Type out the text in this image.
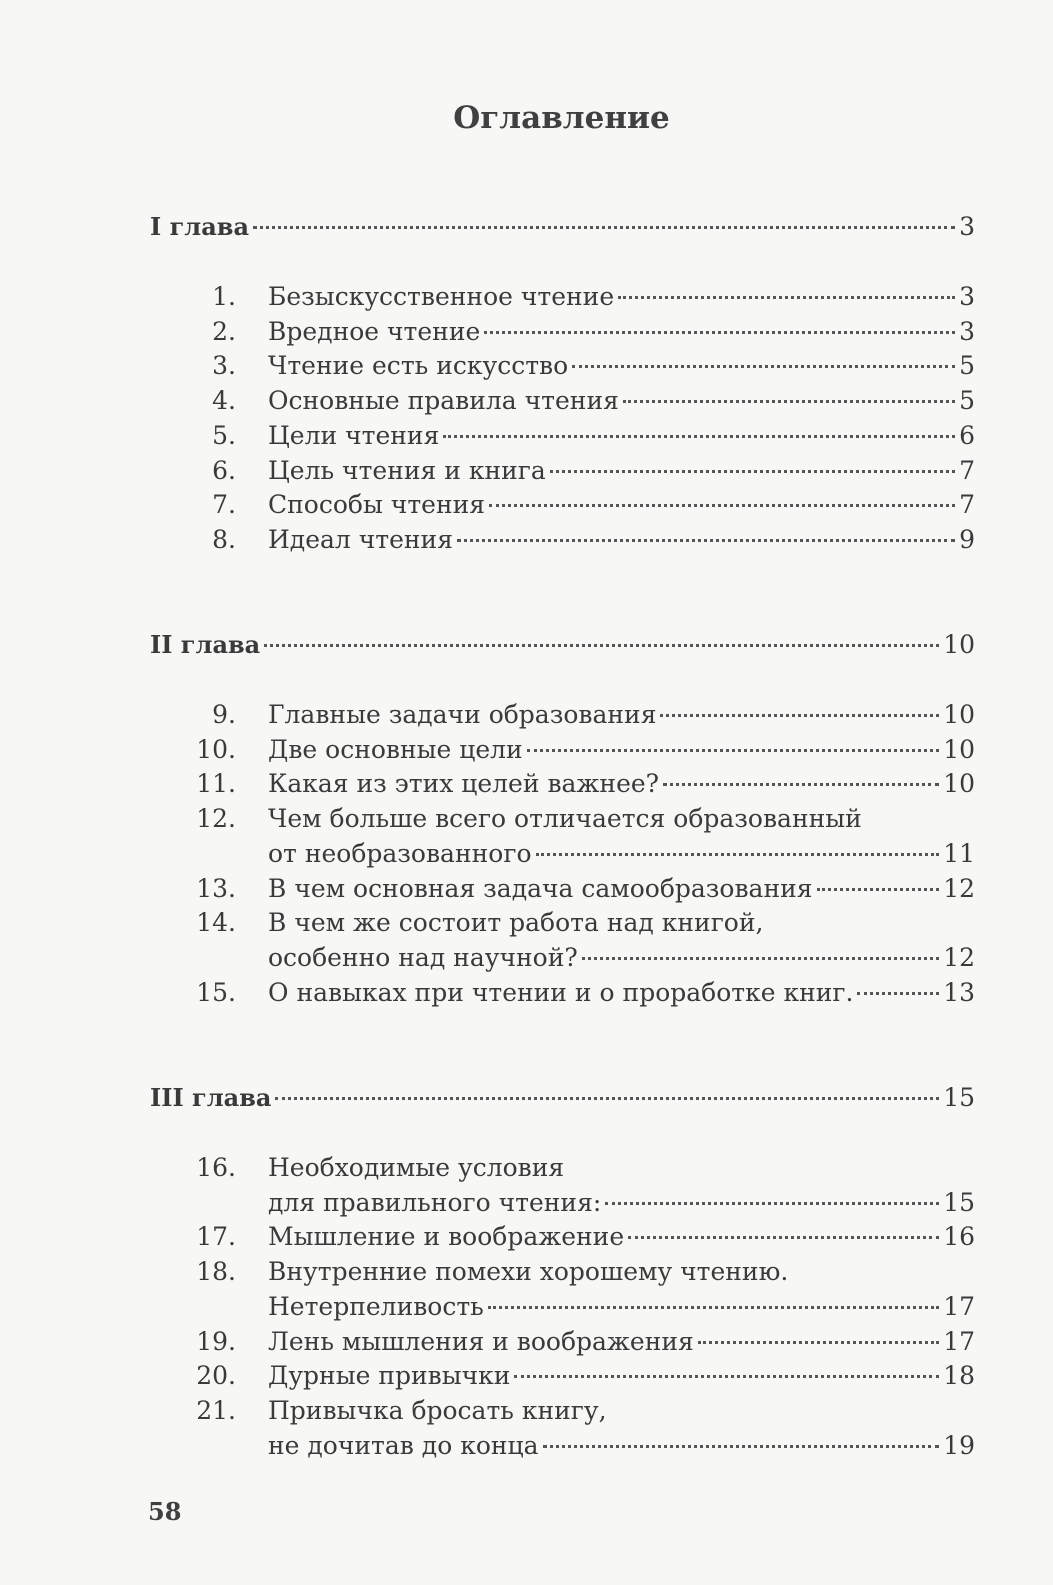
Оглавление
I глава	3
1. Безыскусственное чтение	3
2. Вредное чтение	3
3. Чтение есть искусство	5
4. Основные правила чтения	5
5. Цели чтения	6
6. Цель чтения и книга	7
7. Способы чтения	7
8. Идеал чтения	9
II глава	10
9. Главные задачи образования	10
10. Две основные цели	10
11. Какая из этих целей важнее?	10
12. Чем больше всего отличается образованный
от необразованного	11
13. В чем основная задача самообразования	12
14. В чем же состоит работа над книгой,
особенно над научной?	12
15. О навыках при чтении и о проработке книг.	13
III глава	15
16. Необходимые условия
для правильного чтения:	15
17. Мышление и воображение	16
18. Внутренние помехи хорошему чтению.
Нетерпеливость	17
19. Лень мышления и воображения	17
20. Дурные привычки	18
21. Привычка бросать книгу,
не дочитав до конца	19
58
